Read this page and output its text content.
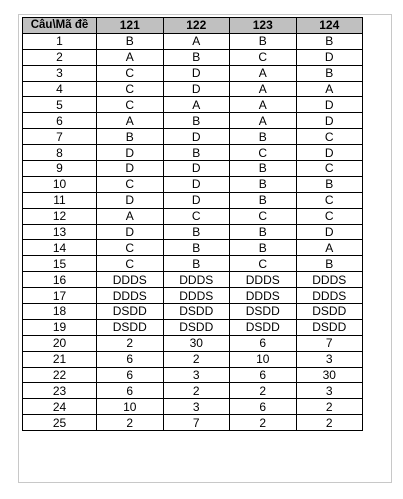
Câu\Mã đề	121	122	123	124
1	B	A	B	B
2	A	B	C	D
3	C	D	A	B
4	C	D	A	A
5	C	A	A	D
6	A	B	A	D
7	B	D	B	C
8	D	B	C	D
9	D	D	B	C
10	C	D	B	B
11	D	D	B	C
12	A	C	C	C
13	D	B	B	D
14	C	B	B	A
15	C	B	C	B
16	DDDS	DDDS	DDDS	DDDS
17	DDDS	DDDS	DDDS	DDDS
18	DSDD	DSDD	DSDD	DSDD
19	DSDD	DSDD	DSDD	DSDD
20	2	30	6	7
21	6	2	10	3
22	6	3	6	30
23	6	2	2	3
24	10	3	6	2
25	2	7	2	2
